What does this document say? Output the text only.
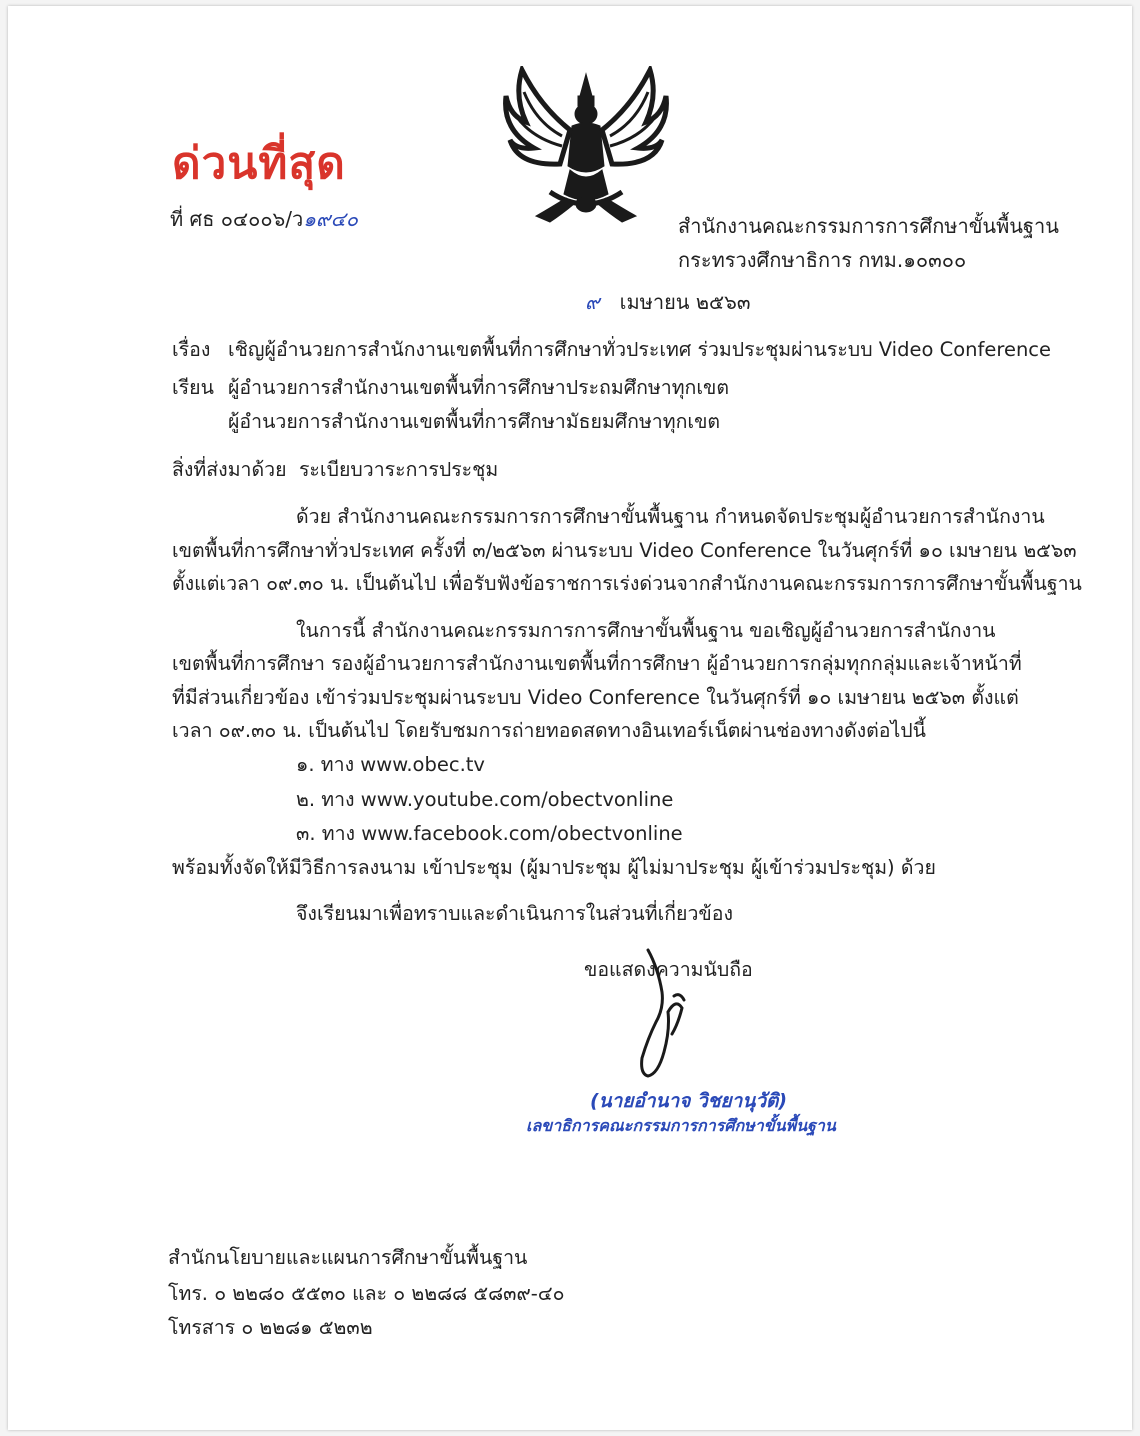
ด่วนที่สุด
ที่ ศธ ๐๔๐๐๖/ว๑๙๔๐	สำนักงานคณะกรรมการการศึกษาขั้นพื้นฐาน
กระทรวงศึกษาธิการ กทม.๑๐๓๐๐
๙ เมษายน ๒๕๖๓
เรื่อง เชิญผู้อำนวยการสำนักงานเขตพื้นที่การศึกษาทั่วประเทศ ร่วมประชุมผ่านระบบ Video Conference
เรียน ผู้อำนวยการสำนักงานเขตพื้นที่การศึกษาประถมศึกษาทุกเขต
ผู้อำนวยการสำนักงานเขตพื้นที่การศึกษามัธยมศึกษาทุกเขต
สิ่งที่ส่งมาด้วย ระเบียบวาระการประชุม
ด้วย สำนักงานคณะกรรมการการศึกษาขั้นพื้นฐาน กำหนดจัดประชุมผู้อำนวยการสำนักงาน
เขตพื้นที่การศึกษาทั่วประเทศ ครั้งที่ ๓/๒๕๖๓ ผ่านระบบ Video Conference ในวันศุกร์ที่ ๑๐ เมษายน ๒๕๖๓
ตั้งแต่เวลา ๐๙.๓๐ น. เป็นต้นไป เพื่อรับฟังข้อราชการเร่งด่วนจากสำนักงานคณะกรรมการการศึกษาขั้นพื้นฐาน
ในการนี้ สำนักงานคณะกรรมการการศึกษาขั้นพื้นฐาน ขอเชิญผู้อำนวยการสำนักงาน
เขตพื้นที่การศึกษา รองผู้อำนวยการสำนักงานเขตพื้นที่การศึกษา ผู้อำนวยการกลุ่มทุกกลุ่มและเจ้าหน้าที่
ที่มีส่วนเกี่ยวข้อง เข้าร่วมประชุมผ่านระบบ Video Conference ในวันศุกร์ที่ ๑๐ เมษายน ๒๕๖๓ ตั้งแต่
เวลา ๐๙.๓๐ น. เป็นต้นไป โดยรับชมการถ่ายทอดสดทางอินเทอร์เน็ตผ่านช่องทางดังต่อไปนี้
๑. ทาง www.obec.tv
๒. ทาง www.youtube.com/obectvonline
๓. ทาง www.facebook.com/obectvonline
พร้อมทั้งจัดให้มีวิธีการลงนาม เข้าประชุม (ผู้มาประชุม ผู้ไม่มาประชุม ผู้เข้าร่วมประชุม) ด้วย
จึงเรียนมาเพื่อทราบและดำเนินการในส่วนที่เกี่ยวข้อง
ขอแสดงความนับถือ
(นายอำนาจ วิชยานุวัติ)
เลขาธิการคณะกรรมการการศึกษาขั้นพื้นฐาน
สำนักนโยบายและแผนการศึกษาขั้นพื้นฐาน
โทร. ๐ ๒๒๘๐ ๕๕๓๐ และ ๐ ๒๒๘๘ ๕๘๓๙-๔๐
โทรสาร ๐ ๒๒๘๑ ๕๒๓๒
